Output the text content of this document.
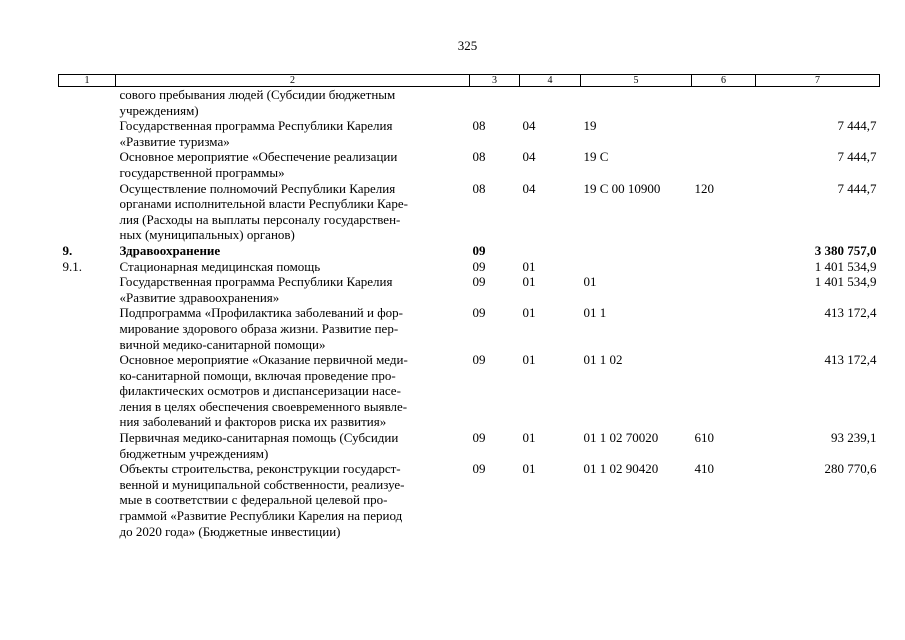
325
1	2	3	4	5	6	7

	сового пребывания людей (Субсидии бюджетным
учреждениям)					

	Государственная программа Республики Карелия
«Развитие туризма»	08	04	19		7 444,7

	Основное мероприятие «Обеспечение реализации
государственной программы»	08	04	19 С		7 444,7

	Осуществление полномочий Республики Карелия
органами исполнительной власти Республики Каре-
лия (Расходы на выплаты персоналу государствен-
ных (муниципальных) органов)	08	04	19 С 00 10900	120	7 444,7
9.	Здравоохранение	09				3 380 757,0
9.1.	Стационарная медицинская помощь	09	01			1 401 534,9

	Государственная программа Республики Карелия
«Развитие здравоохранения»	09	01	01		1 401 534,9

	Подпрограмма «Профилактика заболеваний и фор-
мирование здорового образа жизни. Развитие пер-
вичной медико-санитарной помощи»	09	01	01 1		413 172,4

	Основное мероприятие «Оказание первичной меди-
ко-санитарной помощи, включая проведение про-
филактических осмотров и диспансеризации насе-
ления в целях обеспечения своевременного выявле-
ния заболеваний и факторов риска их развития»	09	01	01 1 02		413 172,4

	Первичная медико-санитарная помощь (Субсидии
бюджетным учреждениям)	09	01	01 1 02 70020	610	93 239,1

	Объекты строительства, реконструкции государст-
венной и муниципальной собственности, реализуе-
мые в соответствии с федеральной целевой про-
граммой «Развитие Республики Карелия на период
до 2020 года» (Бюджетные инвестиции)	09	01	01 1 02 90420	410	280 770,6
